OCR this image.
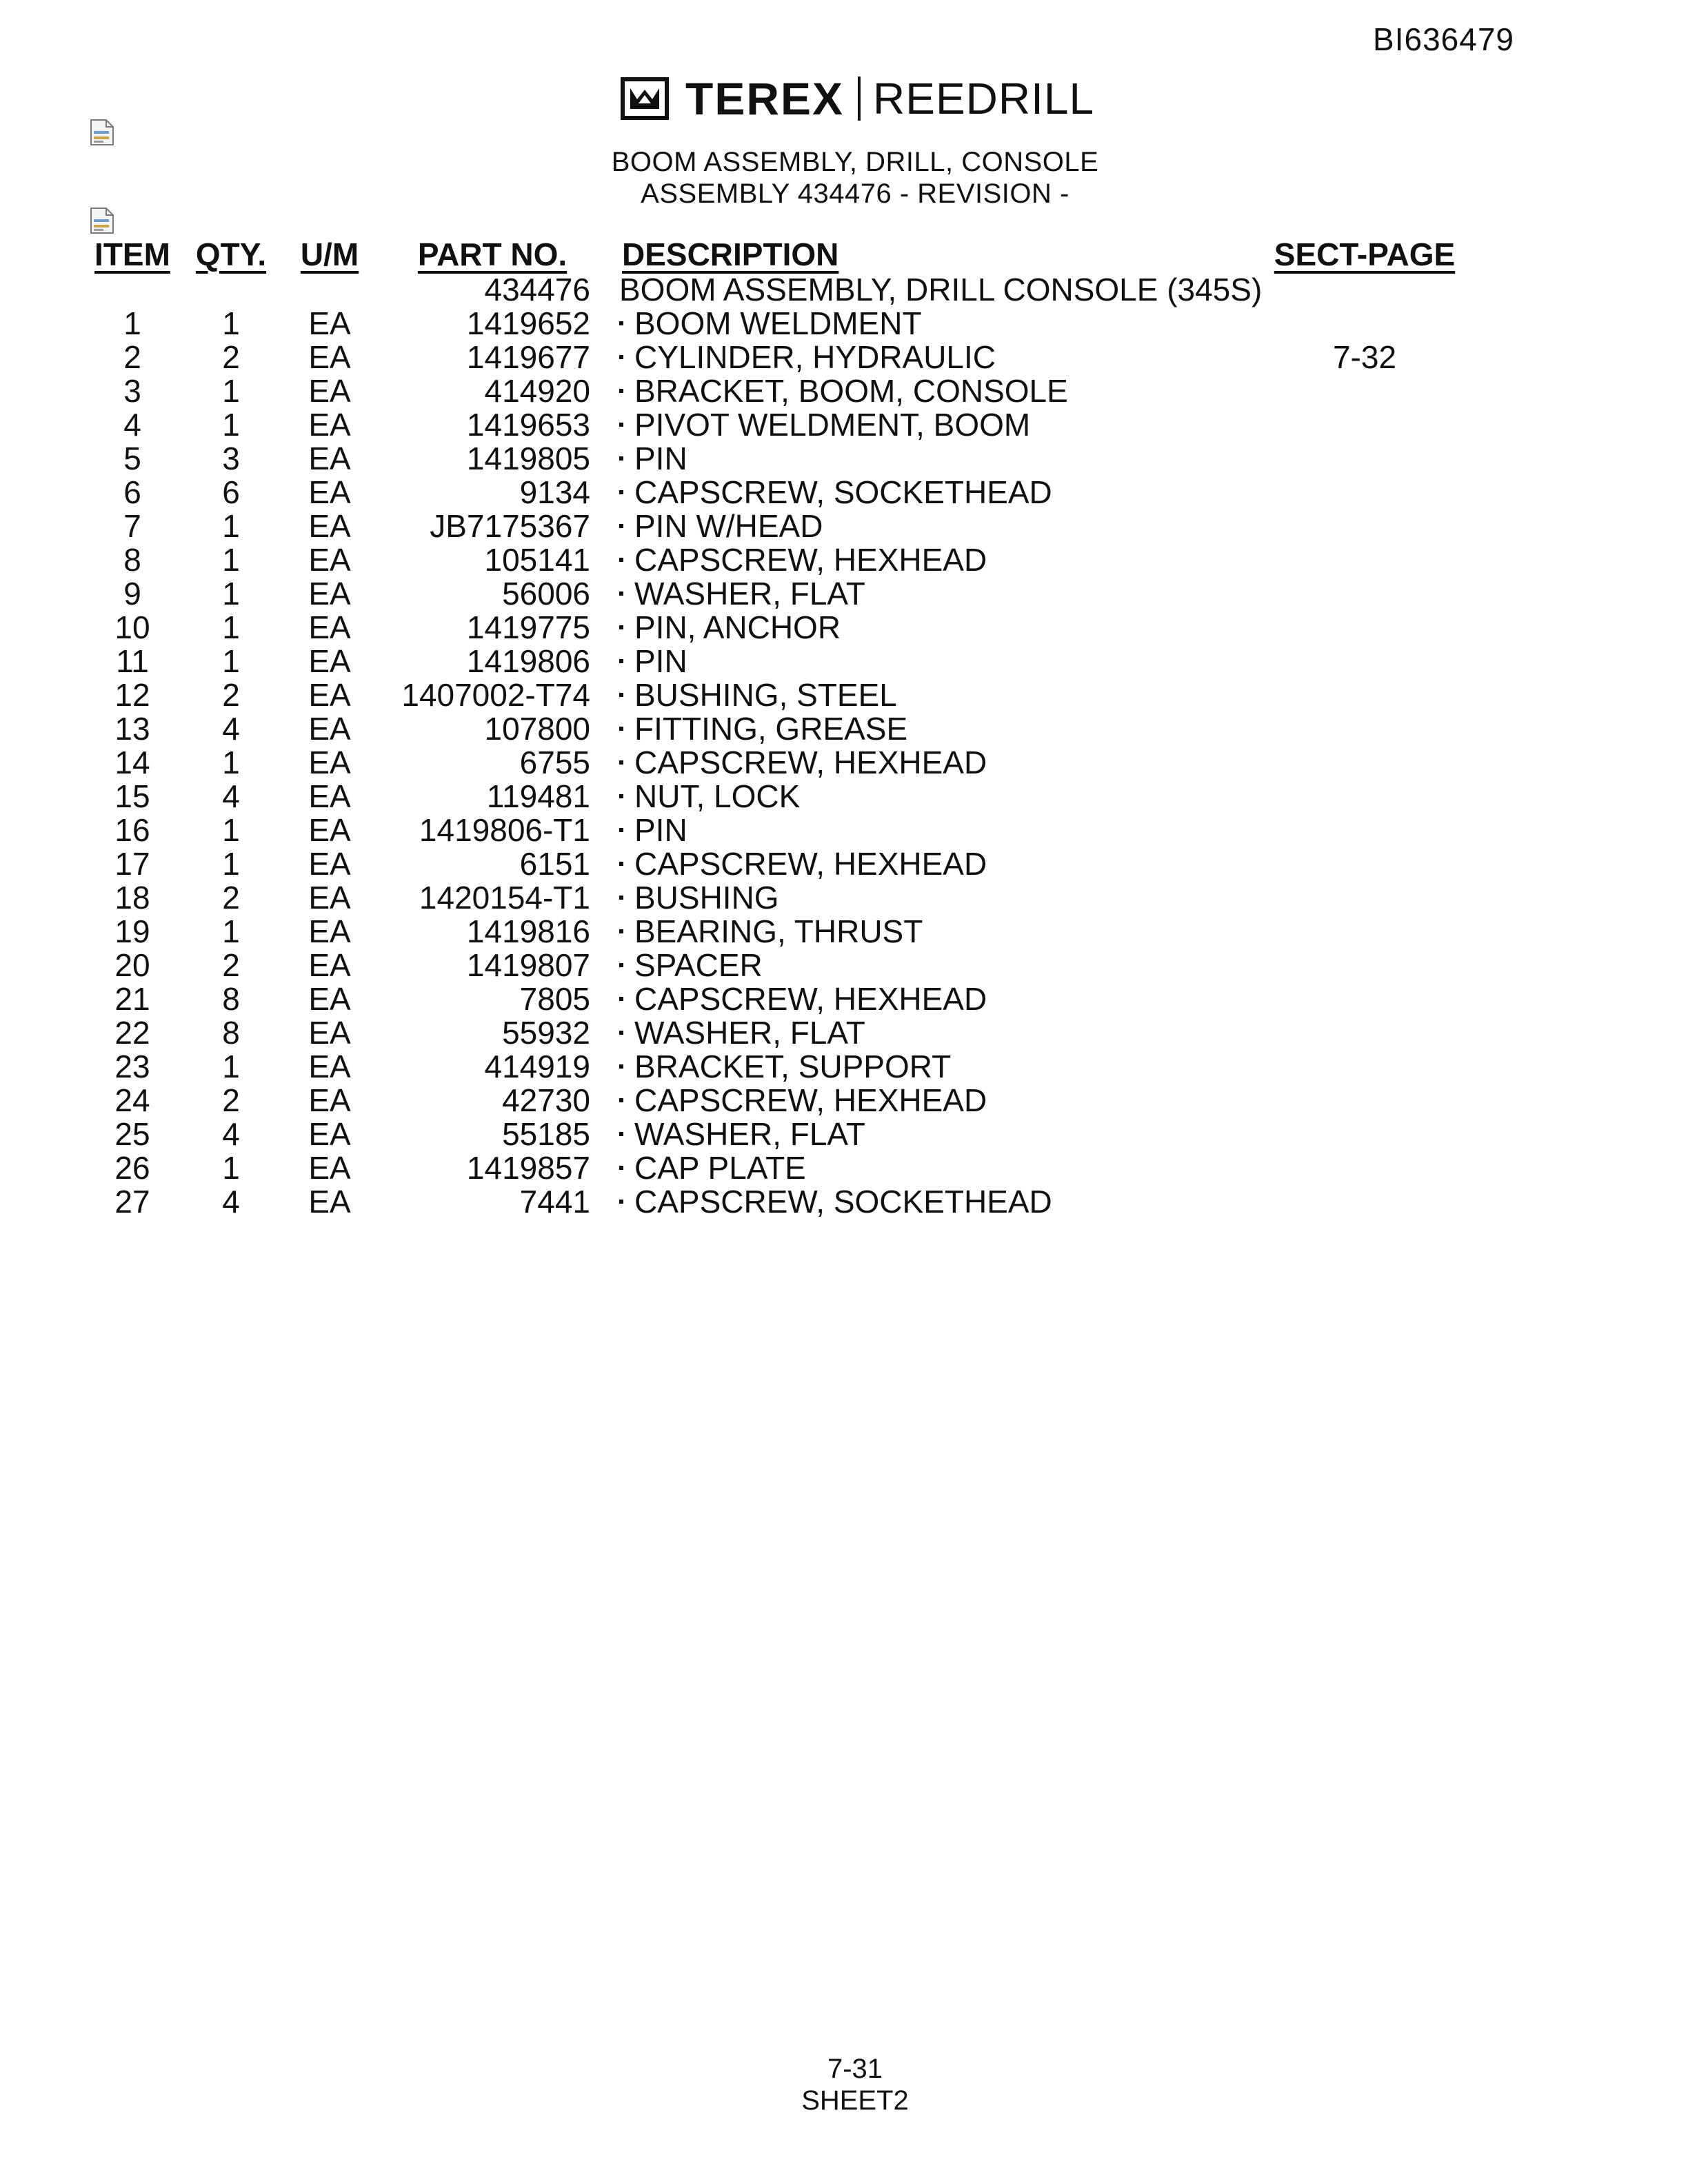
BI636479
TEREX REEDRILL
BOOM ASSEMBLY, DRILL, CONSOLE
ASSEMBLY 434476 - REVISION -
ITEM	QTY.	U/M	PART NO.	DESCRIPTION	SECT-PAGE
			434476	BOOM ASSEMBLY, DRILL CONSOLE (345S)	
1	1	EA	1419652	BOOM WELDMENT	
2	2	EA	1419677	CYLINDER, HYDRAULIC	7-32
3	1	EA	414920	BRACKET, BOOM, CONSOLE	
4	1	EA	1419653	PIVOT WELDMENT, BOOM	
5	3	EA	1419805	PIN	
6	6	EA	9134	CAPSCREW, SOCKETHEAD	
7	1	EA	JB7175367	PIN W/HEAD	
8	1	EA	105141	CAPSCREW, HEXHEAD	
9	1	EA	56006	WASHER, FLAT	
10	1	EA	1419775	PIN, ANCHOR	
11	1	EA	1419806	PIN	
12	2	EA	1407002-T74	BUSHING, STEEL	
13	4	EA	107800	FITTING, GREASE	
14	1	EA	6755	CAPSCREW, HEXHEAD	
15	4	EA	119481	NUT, LOCK	
16	1	EA	1419806-T1	PIN	
17	1	EA	6151	CAPSCREW, HEXHEAD	
18	2	EA	1420154-T1	BUSHING	
19	1	EA	1419816	BEARING, THRUST	
20	2	EA	1419807	SPACER	
21	8	EA	7805	CAPSCREW, HEXHEAD	
22	8	EA	55932	WASHER, FLAT	
23	1	EA	414919	BRACKET, SUPPORT	
24	2	EA	42730	CAPSCREW, HEXHEAD	
25	4	EA	55185	WASHER, FLAT	
26	1	EA	1419857	CAP PLATE	
27	4	EA	7441	CAPSCREW, SOCKETHEAD	
7-31
SHEET2
